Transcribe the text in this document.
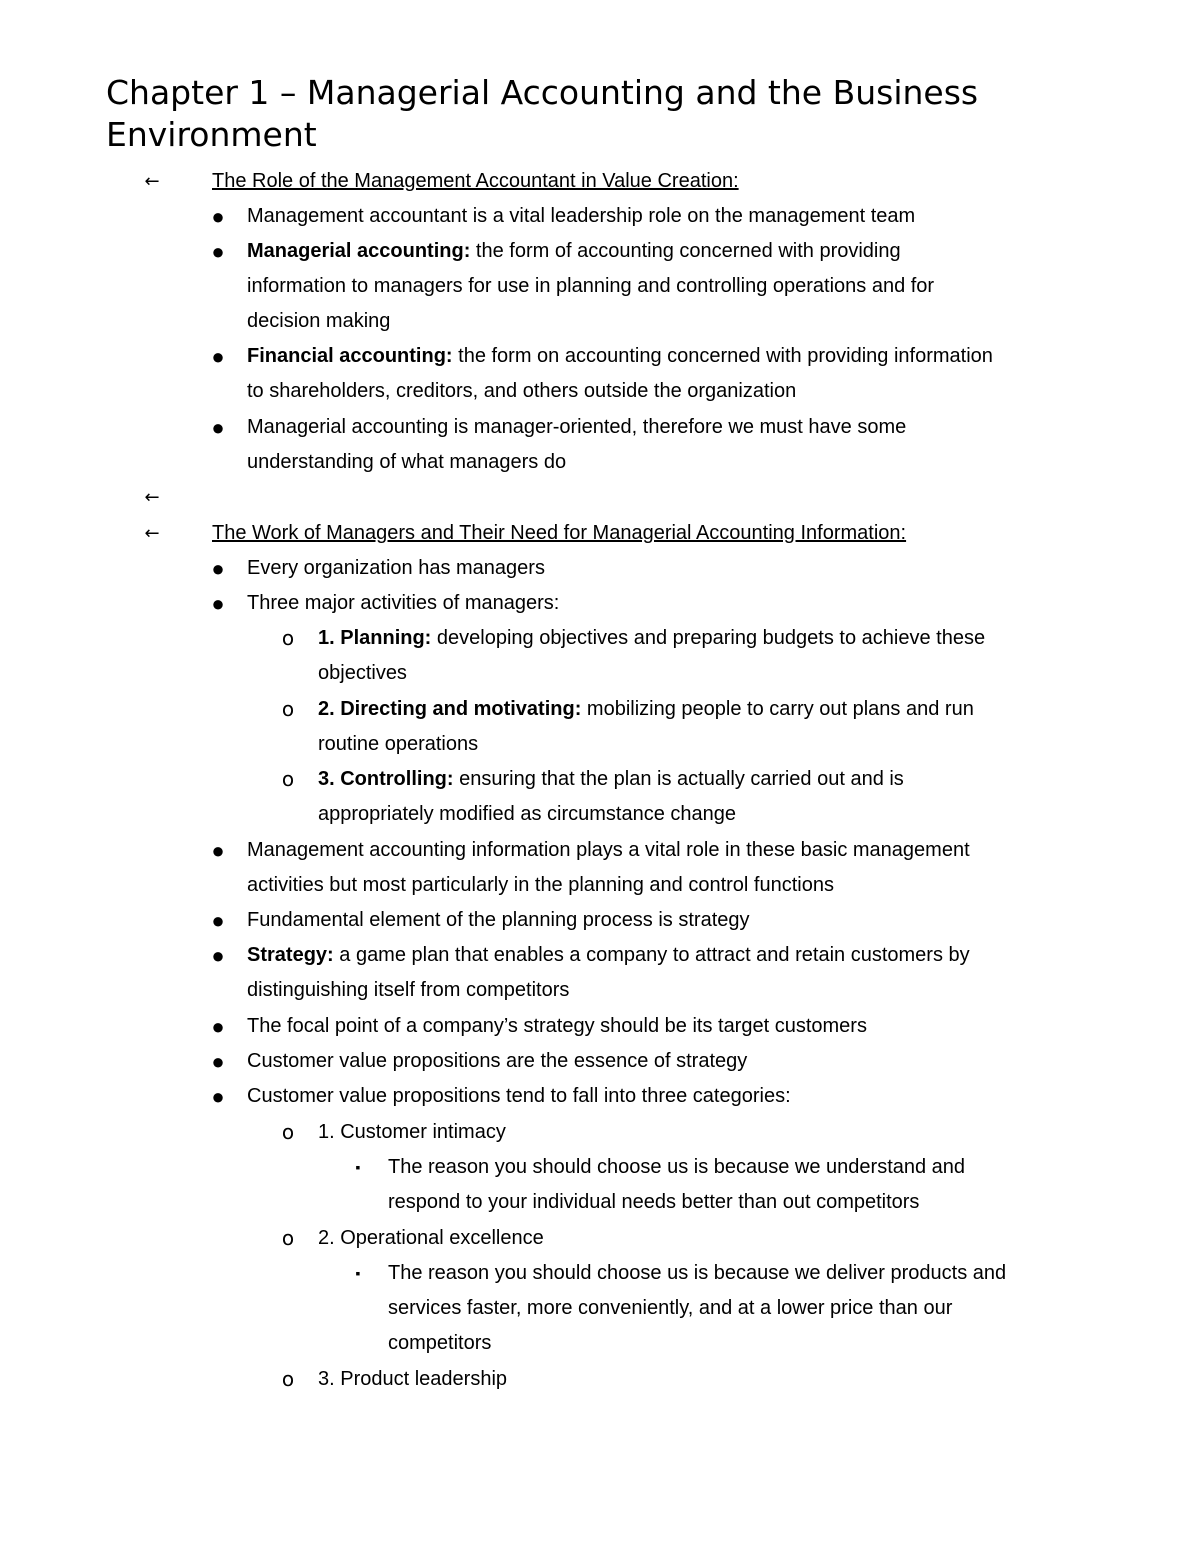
Chapter 1 – Managerial Accounting and the Business Environment
←	The Role of the Management Accountant in Value Creation:
● Management accountant is a vital leadership role on the management team
● Managerial accounting: the form of accounting concerned with providing
information to managers for use in planning and controlling operations and for
decision making
● Financial accounting: the form on accounting concerned with providing information
to shareholders, creditors, and others outside the organization
● Managerial accounting is manager-oriented, therefore we must have some
understanding of what managers do
←
←	The Work of Managers and Their Need for Managerial Accounting Information:
● Every organization has managers
● Three major activities of managers:
o 1. Planning: developing objectives and preparing budgets to achieve these
objectives
o 2. Directing and motivating: mobilizing people to carry out plans and run
routine operations
o 3. Controlling: ensuring that the plan is actually carried out and is
appropriately modified as circumstance change
● Management accounting information plays a vital role in these basic management
activities but most particularly in the planning and control functions
● Fundamental element of the planning process is strategy
● Strategy: a game plan that enables a company to attract and retain customers by
distinguishing itself from competitors
● The focal point of a company’s strategy should be its target customers
● Customer value propositions are the essence of strategy
● Customer value propositions tend to fall into three categories:
o 1. Customer intimacy
▪	The reason you should choose us is because we understand and
respond to your individual needs better than out competitors
o 2. Operational excellence
▪	The reason you should choose us is because we deliver products and
services faster, more conveniently, and at a lower price than our
competitors
o 3. Product leadership
